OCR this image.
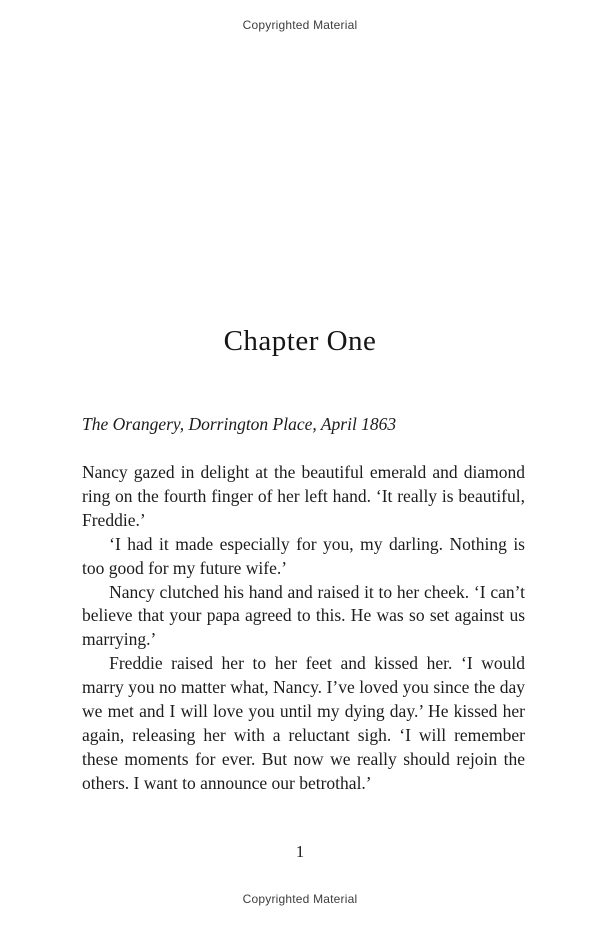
Copyrighted Material
Chapter One

The Orangery, Dorrington Place, April 1863

Nancy gazed in delight at the beautiful emerald and diamond ring on the fourth finger of her left hand. ‘It really is beautiful, Freddie.’

‘I had it made especially for you, my darling. Nothing is too good for my future wife.’

Nancy clutched his hand and raised it to her cheek. ‘I can’t believe that your papa agreed to this. He was so set against us marrying.’

Freddie raised her to her feet and kissed her. ‘I would marry you no matter what, Nancy. I’ve loved you since the day we met and I will love you until my dying day.’ He kissed her again, releasing her with a reluctant sigh. ‘I will remember these moments for ever. But now we really should rejoin the others. I want to announce our betrothal.’

1
Copyrighted Material
